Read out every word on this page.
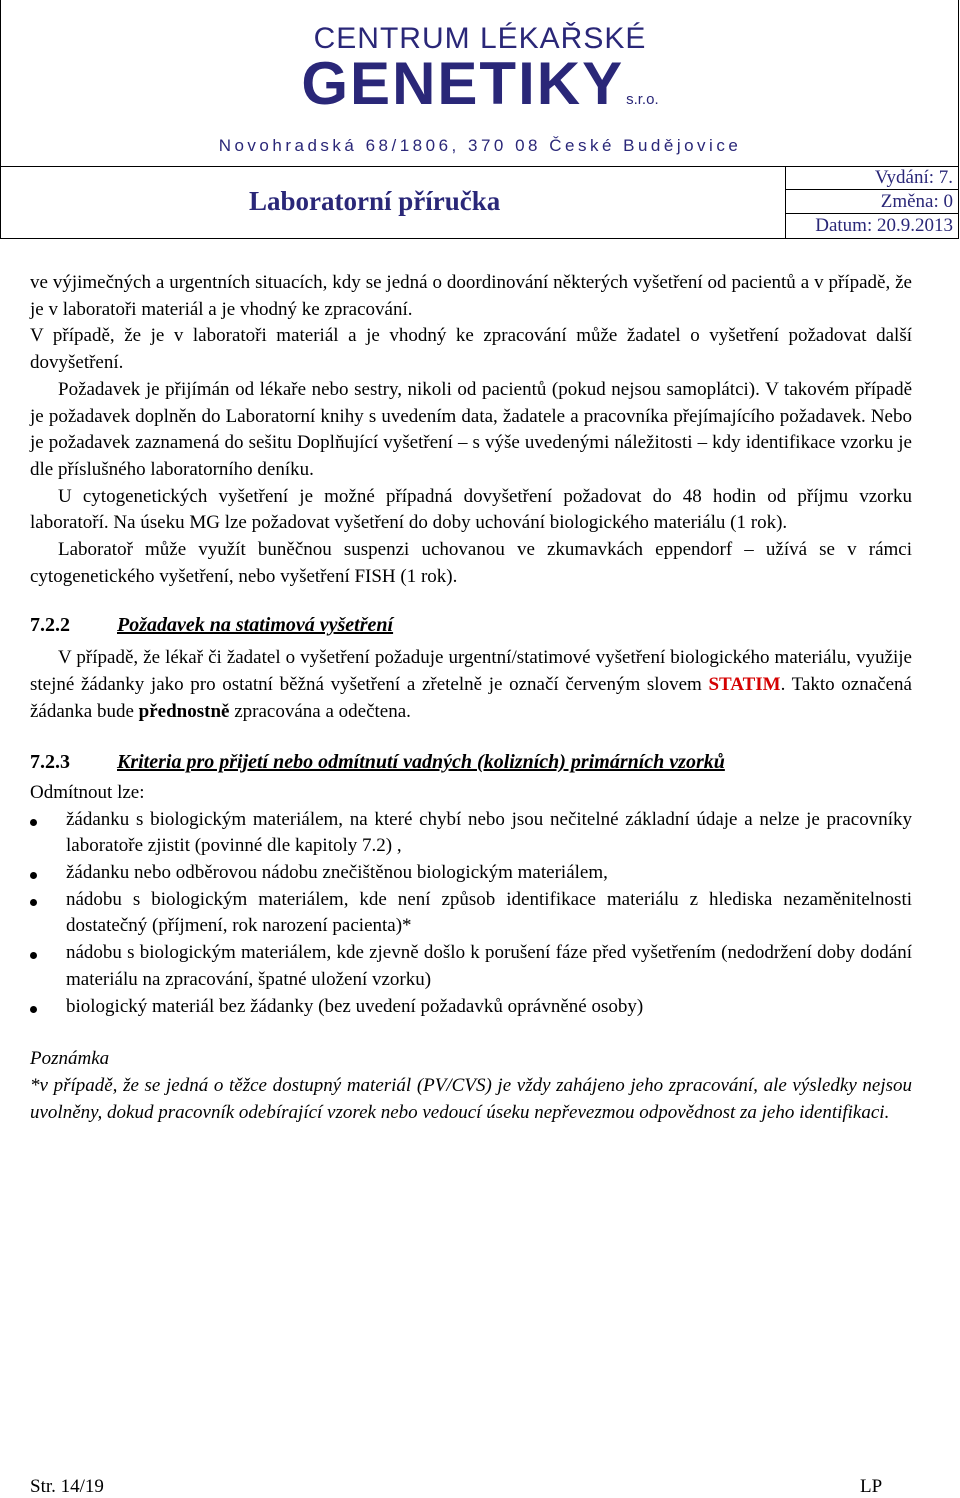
CENTRUM LÉKAŘSKÉ
GENETIKY s.r.o.
Novohradská 68/1806, 370 08 České Budějovice
Laboratorní příručka
Vydání: 7.
Změna: 0
Datum: 20.9.2013

ve výjimečných a urgentních situacích, kdy se jedná o doordinování některých vyšetření od pacientů a v případě, že je v laboratoři materiál a je vhodný ke zpracování.

V případě, že je v laboratoři materiál a je vhodný ke zpracování může žadatel o vyšetření požadovat další dovyšetření.

Požadavek je přijímán od lékaře nebo sestry, nikoli od pacientů (pokud nejsou samoplátci). V takovém případě je požadavek doplněn do Laboratorní knihy s uvedením data, žadatele a pracovníka přejímajícího požadavek. Nebo je požadavek zaznamená do sešitu Doplňující vyšetření – s výše uvedenými náležitosti – kdy identifikace vzorku je dle příslušného laboratorního deníku.

U cytogenetických vyšetření je možné případná dovyšetření požadovat do 48 hodin od příjmu vzorku laboratoří. Na úseku MG lze požadovat vyšetření do doby uchování biologického materiálu (1 rok).

Laboratoř může využít buněčnou suspenzi uchovanou ve zkumavkách eppendorf – užívá se v rámci cytogenetického vyšetření, nebo vyšetření FISH (1 rok).

7.2.2 Požadavek na statimová vyšetření

V případě, že lékař či žadatel o vyšetření požaduje urgentní/statimové vyšetření biologického materiálu, využije stejné žádanky jako pro ostatní běžná vyšetření a zřetelně je označí červeným slovem STATIM. Takto označená žádanka bude přednostně zpracována a odečtena.

7.2.3 Kriteria pro přijetí nebo odmítnutí vadných (kolizních) primárních vzorků

Odmítnout lze:

žádanku s biologickým materiálem, na které chybí nebo jsou nečitelné základní údaje a nelze je pracovníky laboratoře zjistit (povinné dle kapitoly 7.2) ,
žádanku nebo odběrovou nádobu znečištěnou biologickým materiálem,
nádobu s biologickým materiálem, kde není způsob identifikace materiálu z hlediska nezaměnitelnosti dostatečný (příjmení, rok narození pacienta)*
nádobu s biologickým materiálem, kde zjevně došlo k porušení fáze před vyšetřením (nedodržení doby dodání materiálu na zpracování, špatné uložení vzorku)
biologický materiál bez žádanky (bez uvedení požadavků oprávněné osoby)

Poznámka

*v případě, že se jedná o těžce dostupný materiál (PV/CVS) je vždy zahájeno jeho zpracování, ale výsledky nejsou uvolněny, dokud pracovník odebírající vzorek nebo vedoucí úseku nepřevezmou odpovědnost za jeho identifikaci.

Str. 14/19	LP
